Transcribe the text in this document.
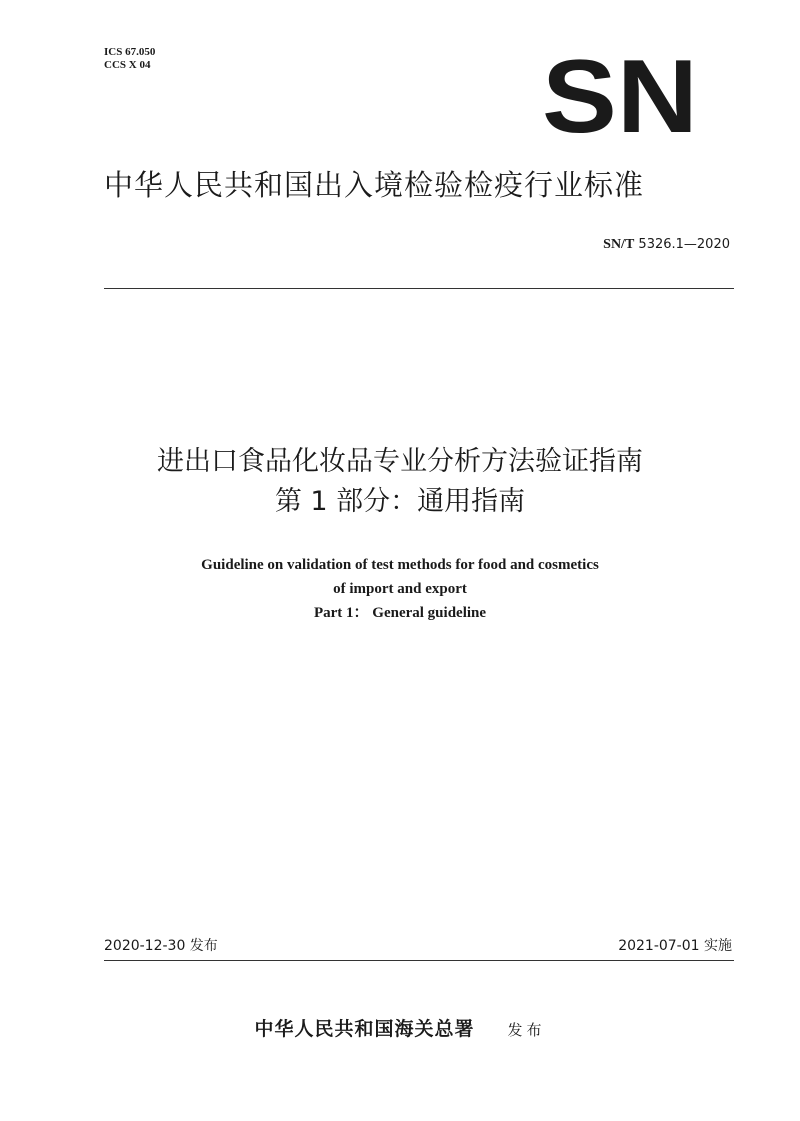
ICS 67.050
CCS X 04	SN
中华人民共和国出入境检验检疫行业标准
SN/T 5326.1—2020
进出口食品化妆品专业分析方法验证指南
第 1 部分：通用指南
Guideline on validation of test methods for food and cosmetics
of import and export
Part 1： General guideline
2020-12-30 发布	2021-07-01 实施
中华人民共和国海关总署 发布
